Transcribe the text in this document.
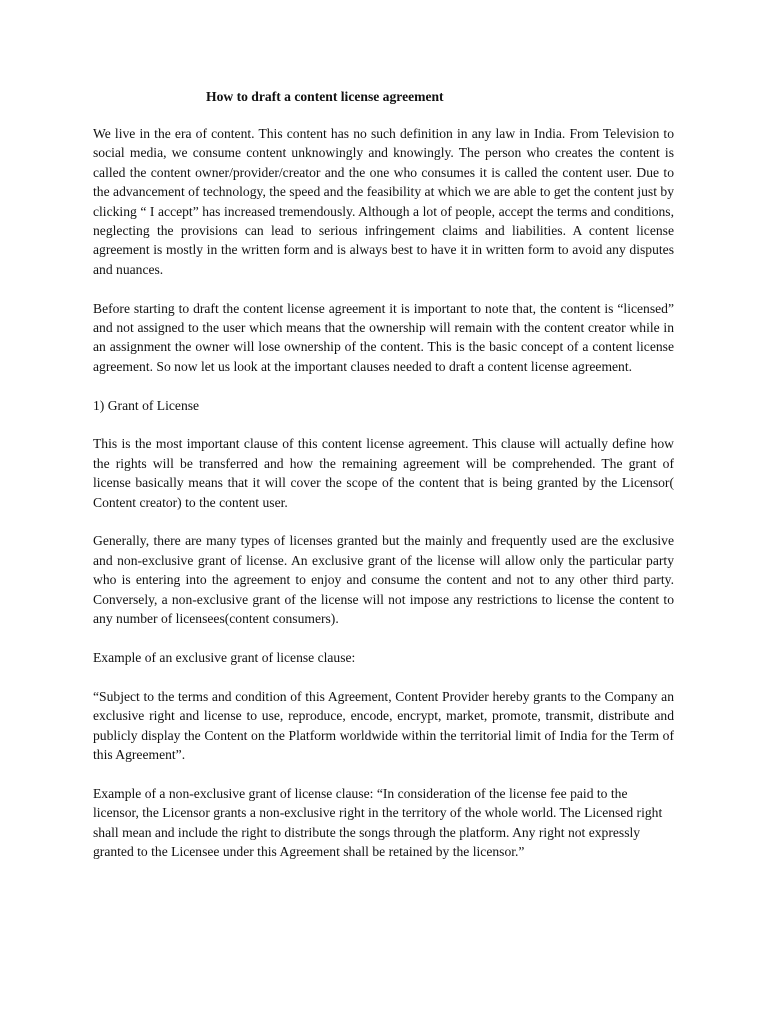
How to draft a content license agreement

We live in the era of content. This content has no such definition in any law in India. From Television to social media, we consume content unknowingly and knowingly. The person who creates the content is called the content owner/provider/creator and the one who consumes it is called the content user. Due to the advancement of technology, the speed and the feasibility at which we are able to get the content just by clicking “ I accept” has increased tremendously. Although a lot of people, accept the terms and conditions, neglecting the provisions can lead to serious infringement claims and liabilities. A content license agreement is mostly in the written form and is always best to have it in written form to avoid any disputes and nuances.

Before starting to draft the content license agreement it is important to note that, the content is “licensed” and not assigned to the user which means that the ownership will remain with the content creator while in an assignment the owner will lose ownership of the content. This is the basic concept of a content license agreement. So now let us look at the important clauses needed to draft a content license agreement.

1) Grant of License

This is the most important clause of this content license agreement. This clause will actually define how the rights will be transferred and how the remaining agreement will be comprehended. The grant of license basically means that it will cover the scope of the content that is being granted by the Licensor( Content creator) to the content user.

Generally, there are many types of licenses granted but the mainly and frequently used are the exclusive and non-exclusive grant of license. An exclusive grant of the license will allow only the particular party who is entering into the agreement to enjoy and consume the content and not to any other third party. Conversely, a non-exclusive grant of the license will not impose any restrictions to license the content to any number of licensees(content consumers).

Example of an exclusive grant of license clause:

“Subject to the terms and condition of this Agreement, Content Provider hereby grants to the Company an exclusive right and license to use, reproduce, encode, encrypt, market, promote, transmit, distribute and publicly display the Content on the Platform worldwide within the territorial limit of India for the Term of this Agreement”.

Example of a non-exclusive grant of license clause: “In consideration of the license fee paid to the licensor, the Licensor grants a non-exclusive right in the territory of the whole world. The Licensed right shall mean and include the right to distribute the songs through the platform. Any right not expressly granted to the Licensee under this Agreement shall be retained by the licensor.”
